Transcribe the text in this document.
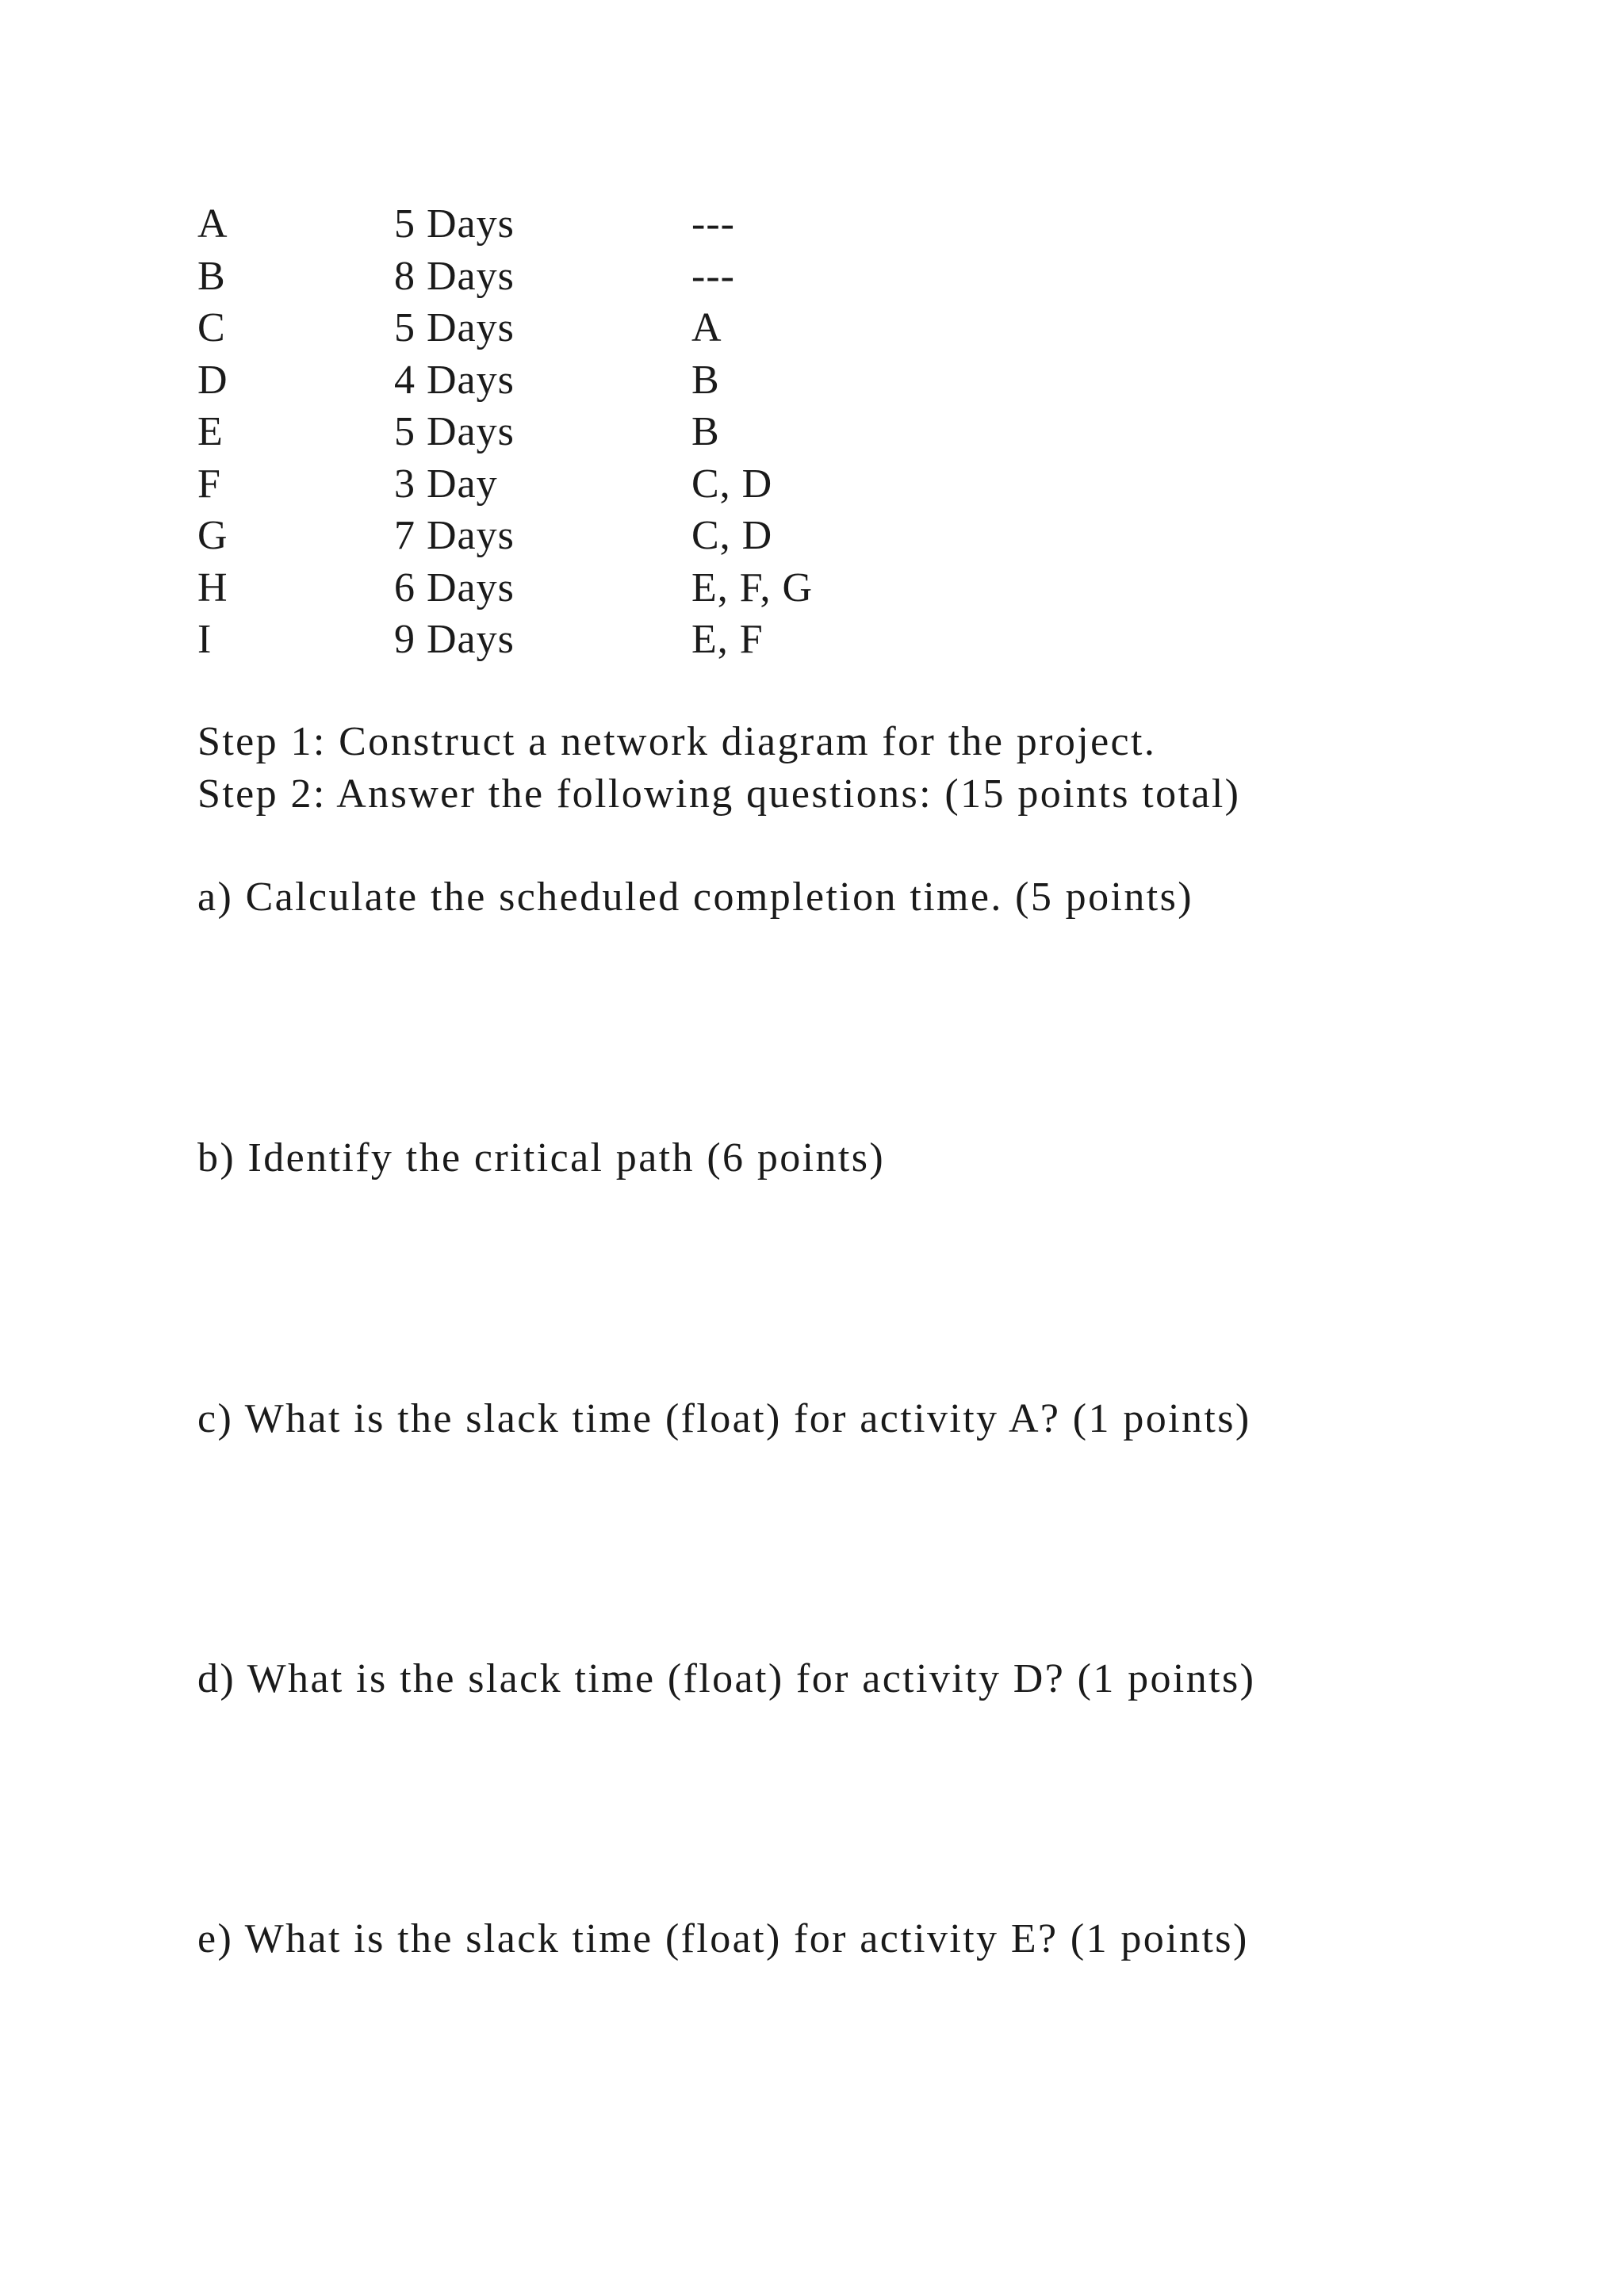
A	5 Days	---
B	8 Days	---
C	5 Days	A
D	4 Days	B
E	5 Days	B
F	3 Day	C, D
G	7 Days	C, D
H	6 Days	E, F, G
I	9 Days	E, F
Step 1: Construct a network diagram for the project.
Step 2: Answer the following questions: (15 points total)
a) Calculate the scheduled completion time. (5 points)
b) Identify the critical path (6 points)
c) What is the slack time (float) for activity A? (1 points)
d) What is the slack time (float) for activity D? (1 points)
e) What is the slack time (float) for activity E? (1 points)
